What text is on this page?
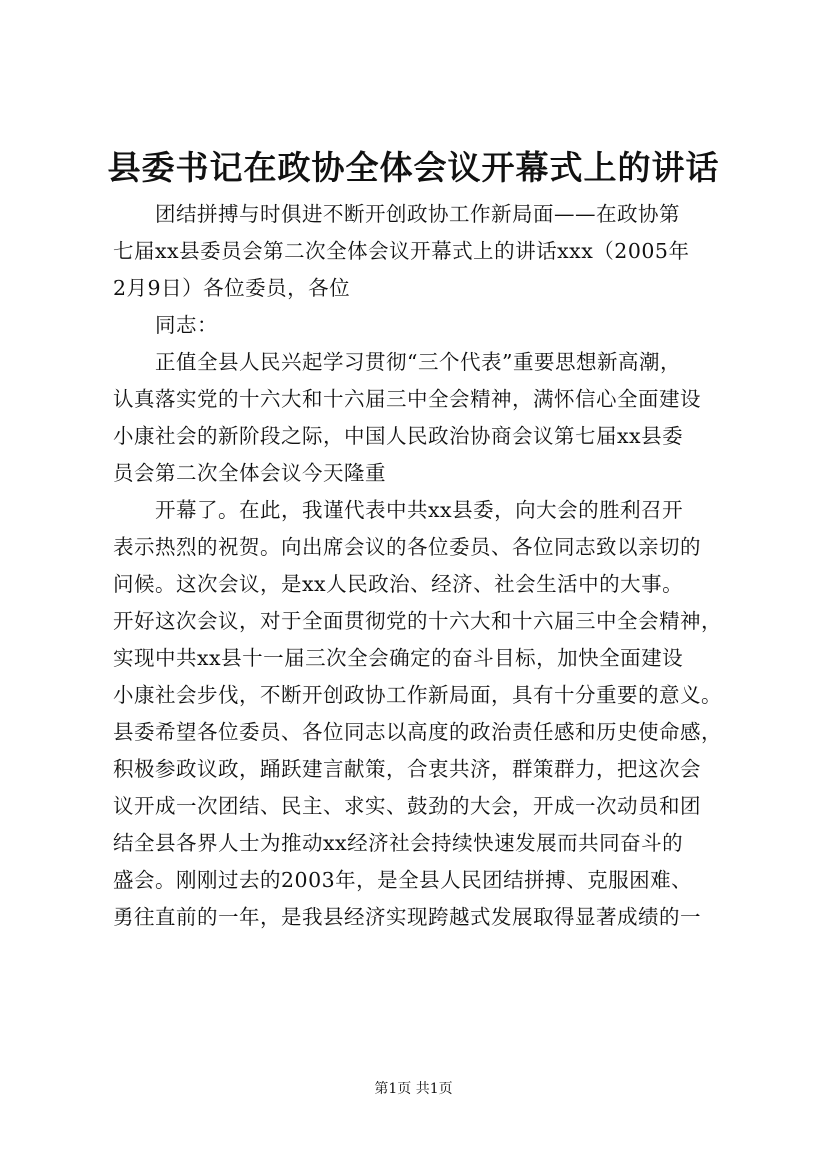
县委书记在政协全体会议开幕式上的讲话
团结拼搏与时俱进不断开创政协工作新局面——在政协第
七届xx县委员会第二次全体会议开幕式上的讲话xxx（2005年
2月9日）各位委员，各位
同志：
正值全县人民兴起学习贯彻“三个代表”重要思想新高潮，
认真落实党的十六大和十六届三中全会精神，满怀信心全面建设
小康社会的新阶段之际，中国人民政治协商会议第七届xx县委
员会第二次全体会议今天隆重
开幕了。在此，我谨代表中共xx县委，向大会的胜利召开
表示热烈的祝贺。向出席会议的各位委员、各位同志致以亲切的
问候。这次会议，是xx人民政治、经济、社会生活中的大事。
开好这次会议，对于全面贯彻党的十六大和十六届三中全会精神，
实现中共xx县十一届三次全会确定的奋斗目标，加快全面建设
小康社会步伐，不断开创政协工作新局面，具有十分重要的意义。
县委希望各位委员、各位同志以高度的政治责任感和历史使命感，
积极参政议政，踊跃建言献策，合衷共济，群策群力，把这次会
议开成一次团结、民主、求实、鼓劲的大会，开成一次动员和团
结全县各界人士为推动xx经济社会持续快速发展而共同奋斗的
盛会。刚刚过去的2003年，是全县人民团结拼搏、克服困难、
勇往直前的一年，是我县经济实现跨越式发展取得显著成绩的一
第1页 共1页
